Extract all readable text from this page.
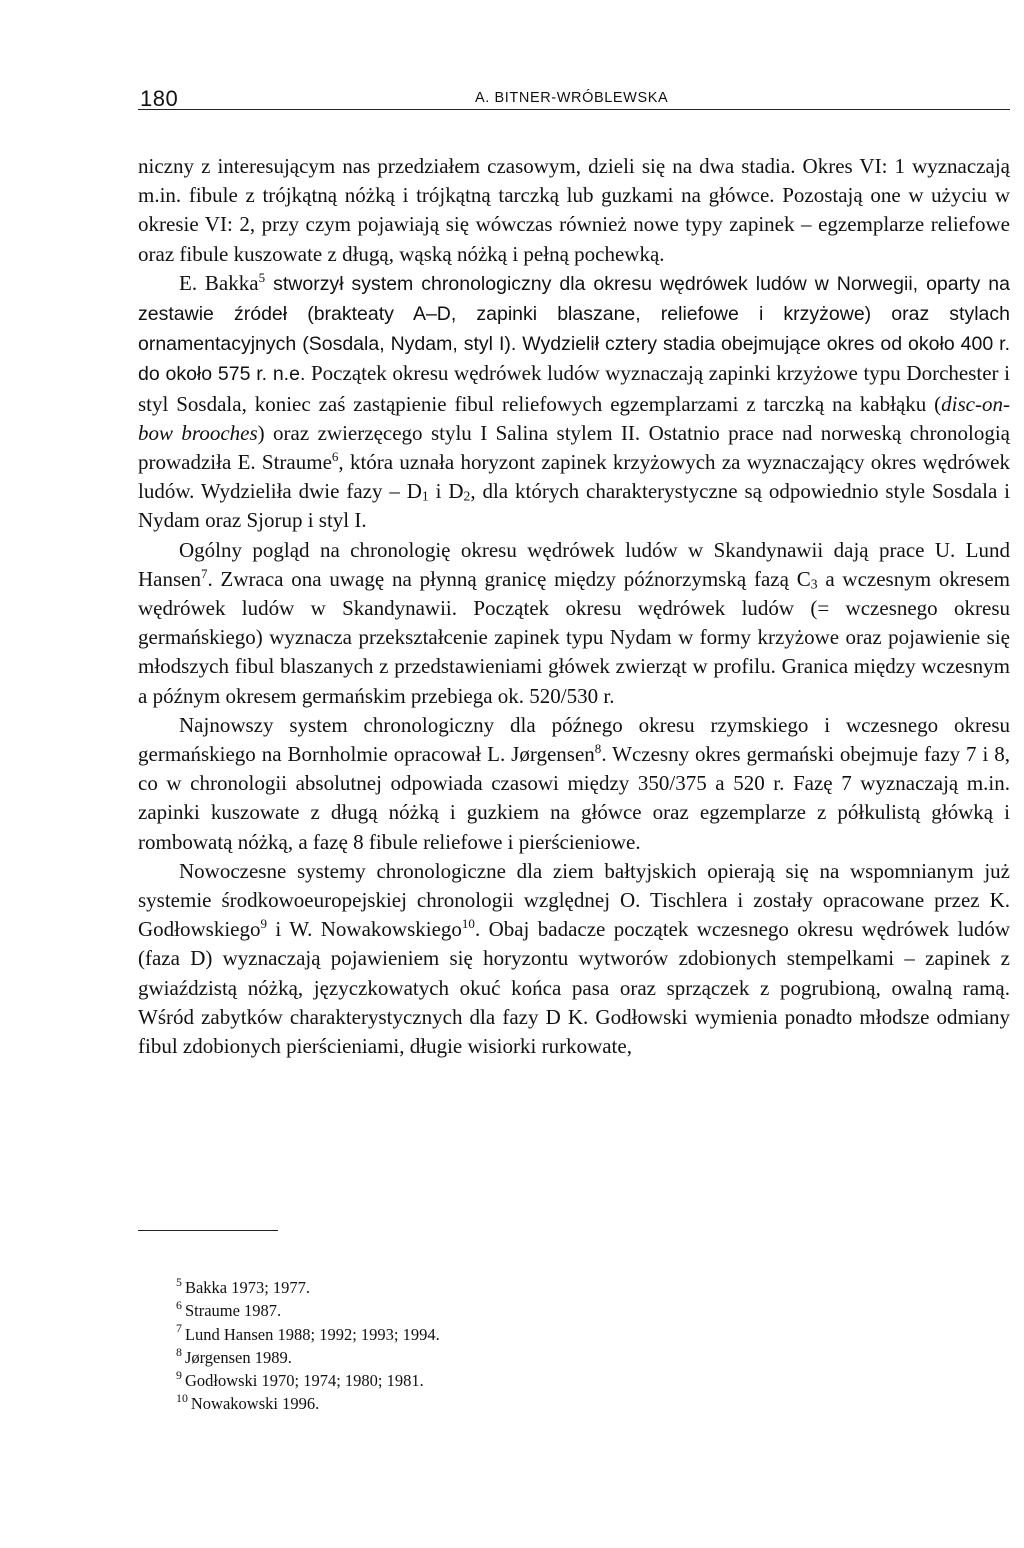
180	A. BITNER-WRÓBLEWSKA

niczny z interesującym nas przedziałem czasowym, dzieli się na dwa stadia. Okres VI: 1 wyznaczają m.in. fibule z trójkątną nóżką i trójkątną tarczką lub guzkami na główce. Pozostają one w użyciu w okresie VI: 2, przy czym pojawiają się wówczas również nowe typy zapinek – egzemplarze reliefowe oraz fibule kuszowate z długą, wąską nóżką i pełną pochewką.

E. Bakka$^5$ stworzył system chronologiczny dla okresu wędrówek ludów w Norwegii, oparty na zestawie źródeł (brakteaty A–D, zapinki blaszane, reliefowe i krzyżowe) oraz stylach ornamentacyjnych (Sosdala, Nydam, styl I). Wydzielił cztery stadia obejmujące okres od około 400 r. do około 575 r. n.e. Początek okresu wędrówek ludów wyznaczają zapinki krzyżowe typu Dorchester i styl Sosdala, koniec zaś zastąpienie fibul reliefowych egzemplarzami z tarczką na kabłąku (disc-on-bow brooches) oraz zwierzęcego stylu I Salina stylem II. Ostatnio prace nad norweską chronologią prowadziła E. Straume$^6$, która uznała horyzont zapinek krzyżowych za wyznaczający okres wędrówek ludów. Wydzieliła dwie fazy – $D_1$ i $D_2$, dla których charakterystyczne są odpowiednio style Sosdala i Nydam oraz Sjorup i styl I.

Ogólny pogląd na chronologię okresu wędrówek ludów w Skandynawii dają prace U. Lund Hansen$^7$. Zwraca ona uwagę na płynną granicę między późnorzymską fazą $C_3$ a wczesnym okresem wędrówek ludów w Skandynawii. Początek okresu wędrówek ludów (= wczesnego okresu germańskiego) wyznacza przekształcenie zapinek typu Nydam w formy krzyżowe oraz pojawienie się młodszych fibul blaszanych z przedstawieniami główek zwierząt w profilu. Granica między wczesnym a późnym okresem germańskim przebiega ok. 520/530 r.

Najnowszy system chronologiczny dla późnego okresu rzymskiego i wczesnego okresu germańskiego na Bornholmie opracował L. Jørgensen$^8$. Wczesny okres germański obejmuje fazy 7 i 8, co w chronologii absolutnej odpowiada czasowi między 350/375 a 520 r. Fazę 7 wyznaczają m.in. zapinki kuszowate z długą nóżką i guzkiem na główce oraz egzemplarze z półkulistą główką i rombowatą nóżką, a fazę 8 fibule reliefowe i pierścieniowe.

Nowoczesne systemy chronologiczne dla ziem bałtyjskich opierają się na wspomnianym już systemie środkowoeuropejskiej chronologii względnej O. Tischlera i zostały opracowane przez K. Godłowskiego$^9$ i W. Nowakowskiego$^{10}$. Obaj badacze początek wczesnego okresu wędrówek ludów (faza D) wyznaczają pojawieniem się horyzontu wytworów zdobionych stempelkami – zapinek z gwiaździstą nóżką, języczkowatych okuć końca pasa oraz sprzączek z pogrubioną, owalną ramą. Wśród zabytków charakterystycznych dla fazy D K. Godłowski wymienia ponadto młodsze odmiany fibul zdobionych pierścieniami, długie wisiorki rurkowate,

$^5$ Bakka 1973; 1977.

$^6$ Straume 1987.

$^7$ Lund Hansen 1988; 1992; 1993; 1994.

$^8$ Jørgensen 1989.

$^9$ Godłowski 1970; 1974; 1980; 1981.

$^{10}$ Nowakowski 1996.
